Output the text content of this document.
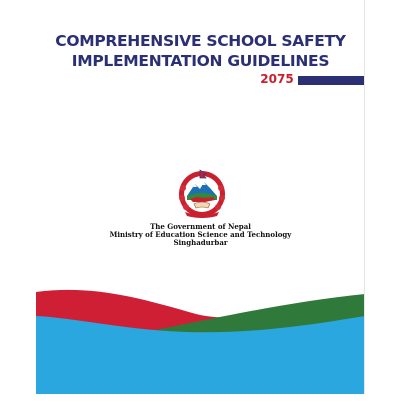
COMPREHENSIVE SCHOOL SAFETY
IMPLEMENTATION GUIDELINES
2075
The Government of Nepal
Ministry of Education Science and Technology
Singhadurbar
